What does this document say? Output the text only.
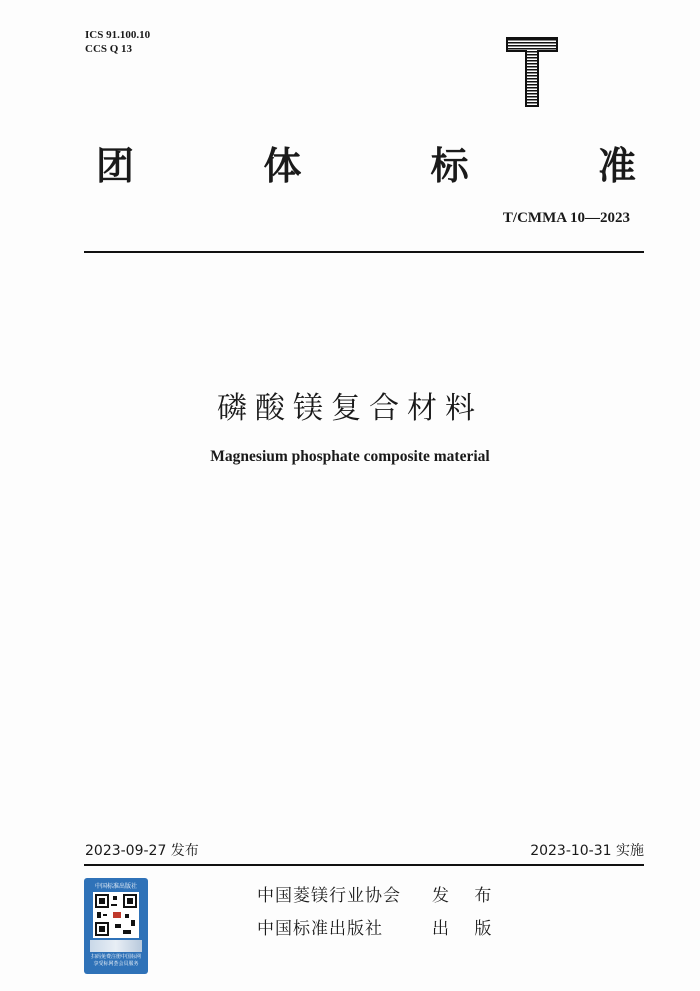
ICS 91.100.10
CCS Q 13
团	体	标	准
T/CMMA 10—2023
磷酸镁复合材料
Magnesium phosphate composite material
2023-09-27 发布	2023-10-31 实施
中国标准出版社
扫码免费注册中国标网
享受标网荟会员服务
中国菱镁行业协会	发 布
中国标准出版社	出 版
